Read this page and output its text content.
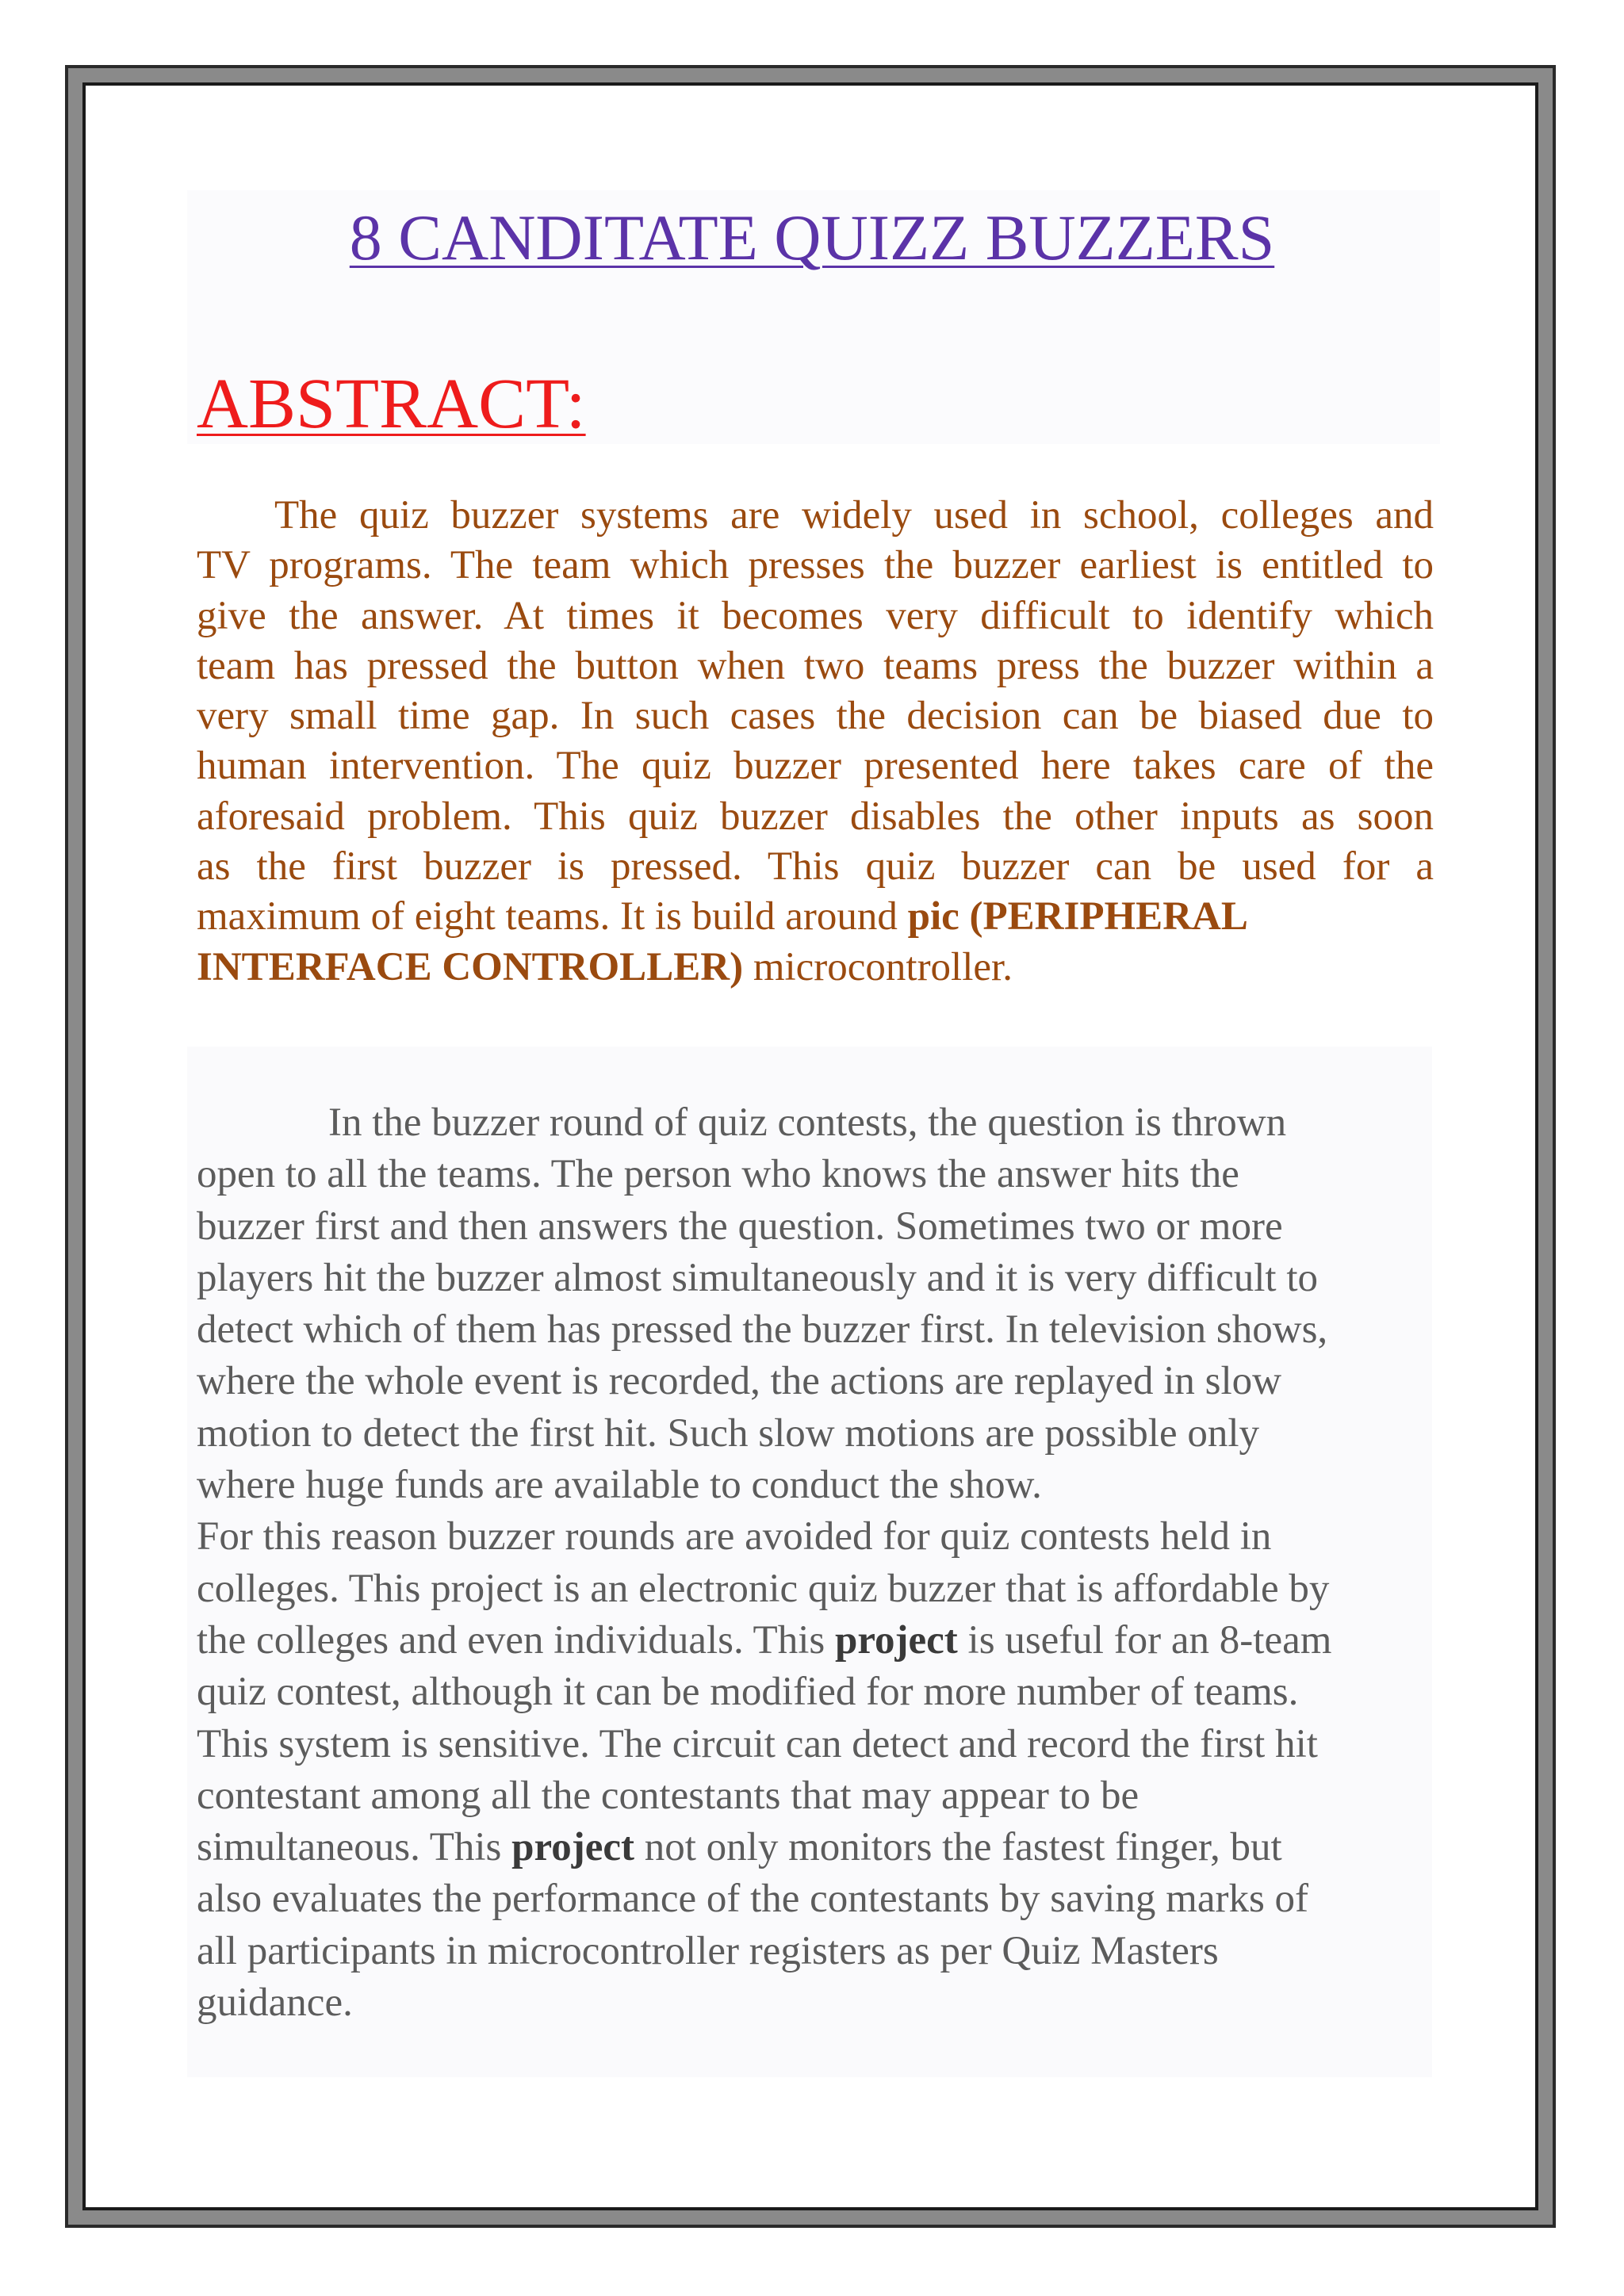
8 CANDITATE QUIZZ BUZZERS
ABSTRACT:
The quiz buzzer systems are widely used in school, colleges and
TV programs. The team which presses the buzzer earliest is entitled to
give the answer. At times it becomes very difficult to identify which
team has pressed the button when two teams press the buzzer within a
very small time gap. In such cases the decision can be biased due to
human intervention. The quiz buzzer presented here takes care of the
aforesaid problem. This quiz buzzer disables the other inputs as soon
as the first buzzer is pressed. This quiz buzzer can be used for a
maximum of eight teams. It is build around pic (PERIPHERAL
INTERFACE CONTROLLER) microcontroller.
In the buzzer round of quiz contests, the question is thrown
open to all the teams. The person who knows the answer hits the
buzzer first and then answers the question. Sometimes two or more
players hit the buzzer almost simultaneously and it is very difficult to
detect which of them has pressed the buzzer first. In television shows,
where the whole event is recorded, the actions are replayed in slow
motion to detect the first hit. Such slow motions are possible only
where huge funds are available to conduct the show.
For this reason buzzer rounds are avoided for quiz contests held in
colleges. This project is an electronic quiz buzzer that is affordable by
the colleges and even individuals. This project is useful for an 8-team
quiz contest, although it can be modified for more number of teams.
This system is sensitive. The circuit can detect and record the first hit
contestant among all the contestants that may appear to be
simultaneous. This project not only monitors the fastest finger, but
also evaluates the performance of the contestants by saving marks of
all participants in microcontroller registers as per Quiz Masters
guidance.
